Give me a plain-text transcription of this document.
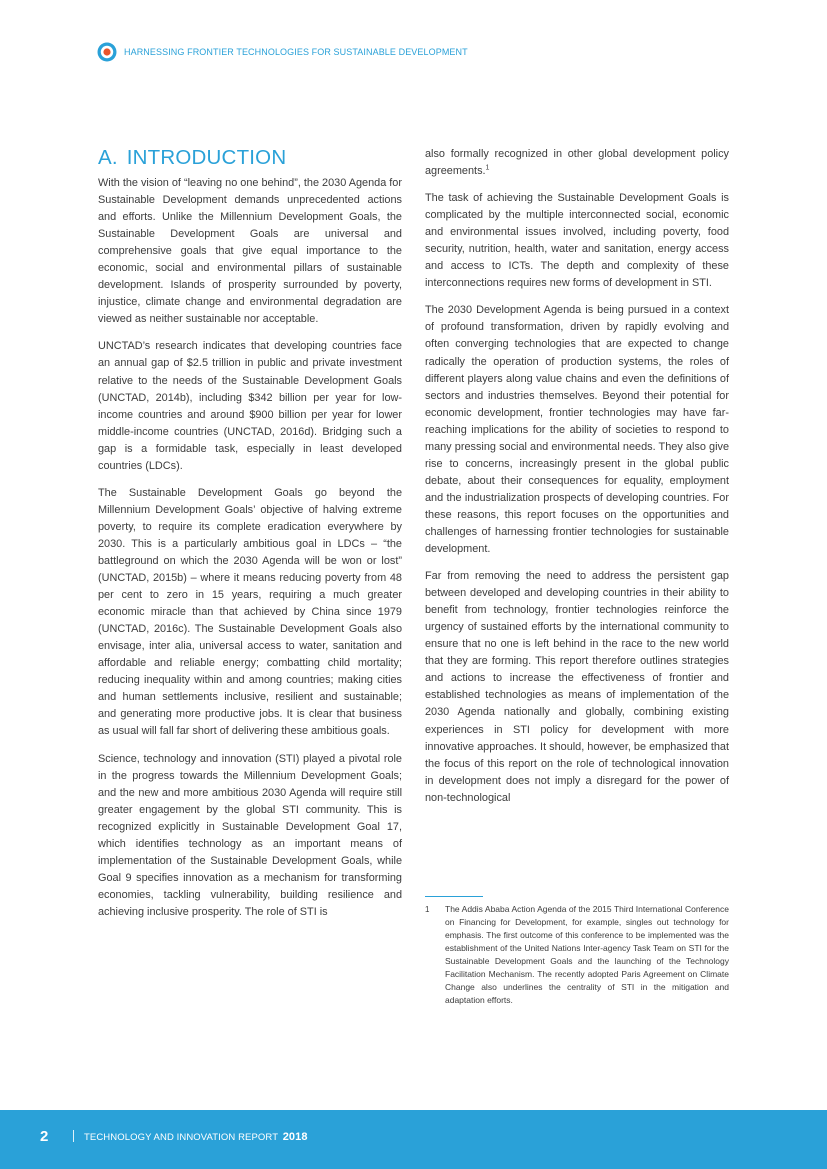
HARNESSING FRONTIER TECHNOLOGIES FOR SUSTAINABLE DEVELOPMENT
A. INTRODUCTION

With the vision of “leaving no one behind”, the 2030 Agenda for Sustainable Development demands unprecedented actions and efforts. Unlike the Millennium Development Goals, the Sustainable Development Goals are universal and comprehensive goals that give equal importance to the economic, social and environmental pillars of sustainable development. Islands of prosperity surrounded by poverty, injustice, climate change and environmental degradation are viewed as neither sustainable nor acceptable.

UNCTAD’s research indicates that developing countries face an annual gap of $2.5 trillion in public and private investment relative to the needs of the Sustainable Development Goals (UNCTAD, 2014b), including $342 billion per year for low-income countries and around $900 billion per year for lower middle-income countries (UNCTAD, 2016d). Bridging such a gap is a formidable task, especially in least developed countries (LDCs).

The Sustainable Development Goals go beyond the Millennium Development Goals’ objective of halving extreme poverty, to require its complete eradication everywhere by 2030. This is a particularly ambitious goal in LDCs – “the battleground on which the 2030 Agenda will be won or lost” (UNCTAD, 2015b) – where it means reducing poverty from 48 per cent to zero in 15 years, requiring a much greater economic miracle than that achieved by China since 1979 (UNCTAD, 2016c). The Sustainable Development Goals also envisage, inter alia, universal access to water, sanitation and affordable and reliable energy; combatting child mortality; reducing inequality within and among countries; making cities and human settlements inclusive, resilient and sustainable; and generating more productive jobs. It is clear that business as usual will fall far short of delivering these ambitious goals.

Science, technology and innovation (STI) played a pivotal role in the progress towards the Millennium Development Goals; and the new and more ambitious 2030 Agenda will require still greater engagement by the global STI community. This is recognized explicitly in Sustainable Development Goal 17, which identifies technology as an important means of implementation of the Sustainable Development Goals, while Goal 9 specifies innovation as a mechanism for transforming economies, tackling vulnerability, building resilience and achieving inclusive prosperity. The role of STI is

also formally recognized in other global development policy agreements.$^1$

The task of achieving the Sustainable Development Goals is complicated by the multiple interconnected social, economic and environmental issues involved, including poverty, food security, nutrition, health, water and sanitation, energy access and access to ICTs. The depth and complexity of these interconnections requires new forms of development in STI.

The 2030 Development Agenda is being pursued in a context of profound transformation, driven by rapidly evolving and often converging technologies that are expected to change radically the operation of production systems, the roles of different players along value chains and even the definitions of sectors and industries themselves. Beyond their potential for economic development, frontier technologies may have far-reaching implications for the ability of societies to respond to many pressing social and environmental needs. They also give rise to concerns, increasingly present in the global public debate, about their consequences for equality, employment and the industrialization prospects of developing countries. For these reasons, this report focuses on the opportunities and challenges of harnessing frontier technologies for sustainable development.

Far from removing the need to address the persistent gap between developed and developing countries in their ability to benefit from technology, frontier technologies reinforce the urgency of sustained efforts by the international community to ensure that no one is left behind in the race to the new world that they are forming. This report therefore outlines strategies and actions to increase the effectiveness of frontier and established technologies as means of implementation of the 2030 Agenda nationally and globally, combining existing experiences in STI policy for development with more innovative approaches. It should, however, be emphasized that the focus of this report on the role of technological innovation in development does not imply a disregard for the power of non-technological

1	The Addis Ababa Action Agenda of the 2015 Third International Conference on Financing for Development, for example, singles out technology for emphasis. The first outcome of this conference to be implemented was the establishment of the United Nations Inter-agency Task Team on STI for the Sustainable Development Goals and the launching of the Technology Facilitation Mechanism. The recently adopted Paris Agreement on Climate Change also underlines the centrality of STI in the mitigation and adaptation efforts.
2	TECHNOLOGY AND INNOVATION REPORT 2018
